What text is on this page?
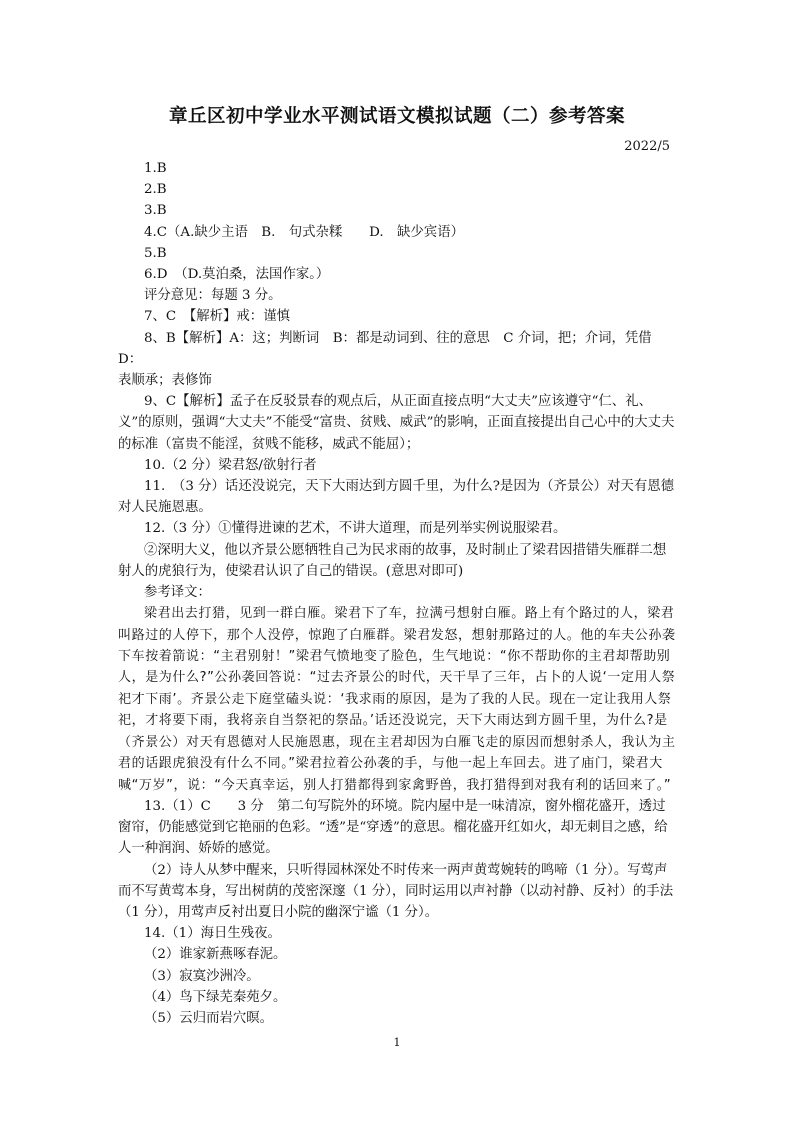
章丘区初中学业水平测试语文模拟试题（二）参考答案
2022/5

1.B

2.B

3.B

4.C（A.缺少主语　B.　句式杂糅　　D.　缺少宾语）

5.B

6.D　（D.莫泊桑，法国作家。）

评分意见：每题 3 分。

7、C　【解析】戒：谨慎

8、B【解析】A：这；判断词　B：都是动词到、往的意思　C 介词，把；介词，凭借　　D：

表顺承；表修饰

9、C【解析】孟子在反驳景春的观点后，从正面直接点明“大丈夫”应该遵守“仁、礼、义”的原则，强调“大丈夫”不能受“富贵、贫贱、威武”的影响，正面直接提出自己心中的大丈夫的标准（富贵不能淫，贫贱不能移，威武不能屈）；

10.（2 分）梁君怒/欲射行者

11.　（3 分）话还没说完，天下大雨达到方圆千里，为什么?是因为（齐景公）对天有恩德对人民施恩惠。

12.（3 分）①懂得进谏的艺术，不讲大道理，而是列举实例说服梁君。

②深明大义，他以齐景公愿牺牲自己为民求雨的故事，及时制止了梁君因措错失雁群二想射人的虎狼行为，使梁君认识了自己的错误。(意思对即可)

参考译文：

梁君出去打猎，见到一群白雁。梁君下了车，拉满弓想射白雁。路上有个路过的人，梁君叫路过的人停下，那个人没停，惊跑了白雁群。梁君发怒，想射那路过的人。他的车夫公孙袭下车按着箭说：“主君别射！”梁君气愤地变了脸色，生气地说：“你不帮助你的主君却帮助别人，是为什么?”公孙袭回答说：“过去齐景公的时代，天干旱了三年，占卜的人说‘一定用人祭祀才下雨’。齐景公走下庭堂磕头说：‘我求雨的原因，是为了我的人民。现在一定让我用人祭祀，才将要下雨，我将亲自当祭祀的祭品。’话还没说完，天下大雨达到方圆千里，为什么?是（齐景公）对天有恩德对人民施恩惠，现在主君却因为白雁飞走的原因而想射杀人，我认为主君的话跟虎狼没有什么不同。”梁君拉着公孙袭的手，与他一起上车回去。进了庙门，梁君大喊“万岁”，说：“今天真幸运，别人打猎都得到家禽野兽，我打猎得到对我有利的话回来了。”

13.（1）C　　3 分　第二句写院外的环境。院内屋中是一味清凉，窗外榴花盛开，透过窗帘，仍能感觉到它艳丽的色彩。“透”是“穿透”的意思。榴花盛开红如火，却无刺目之感，给人一种润润、娇娇的感觉。

（2）诗人从梦中醒来，只听得园林深处不时传来一两声黄莺婉转的鸣啼（1 分）。写莺声而不写黄莺本身，写出树荫的茂密深邃（1 分），同时运用以声衬静（以动衬静、反衬）的手法（1 分），用莺声反衬出夏日小院的幽深宁谧（1 分）。

14.（1）海日生残夜。

（2）谁家新燕啄春泥。

（3）寂寞沙洲冷。

（4）鸟下绿芜秦苑夕。

（5）云归而岩穴暝。

1
